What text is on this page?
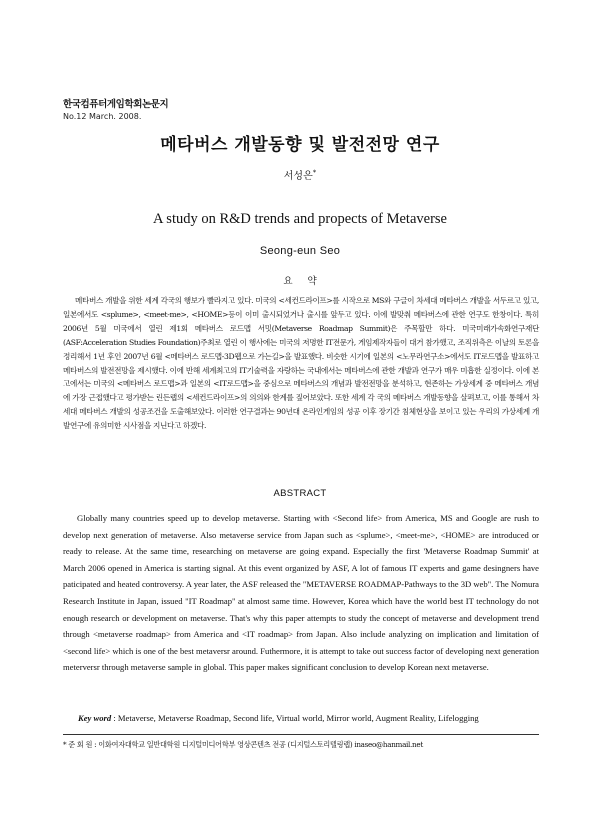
한국컴퓨터게임학회논문지
No.12 March. 2008.
메타버스 개발동향 및 발전전망 연구
서성은*
A study on R&D trends and propects of Metaverse
Seong-eun Seo
요 약

메타버스 개발을 위한 세계 각국의 행보가 빨라지고 있다. 미국의 <세컨드라이프>를 시작으로 MS와 구글이 차세대 메타버스 개발을 서두르고 있고, 일본에서도 <splume>, <meet-me>, <HOME>등이 이미 출시되었거나 출시를 앞두고 있다. 이에 발맞춰 메타버스에 관한 연구도 한창이다. 특히 2006년 5월 미국에서 열린 제1회 메타버스 로드맵 서밋(Metaverse Roadmap Summit)은 주목할만 하다. 미국미래가속화연구재단(ASF:Acceleration Studies Foundation)주최로 열린 이 행사에는 미국의 저명한 IT전문가, 게임제작자들이 대거 참가했고, 조직위측은 이날의 토론을 정리해서 1년 후인 2007년 6월 <메타버스 로드맵-3D웹으로 가는길>을 발표했다. 비슷한 시기에 일본의 <노무라연구소>에서도 IT로드맵을 발표하고 메타버스의 발전전망을 제시했다. 이에 반해 세계최고의 IT기술력을 자랑하는 국내에서는 메타버스에 관한 개발과 연구가 매우 미흡한 실정이다. 이에 본 고에서는 미국의 <메타버스 로드맵>과 일본의 <IT로드맵>을 중심으로 메타버스의 개념과 발전전망을 분석하고, 현존하는 가상세계 중 메타버스 개념에 가장 근접했다고 평가받는 린든랩의 <세컨드라이프>의 의의와 한계를 짚어보았다. 또한 세계 각 국의 메타버스 개발동향을 살펴보고, 이를 통해서 차세대 메타버스 개발의 성공조건을 도출해보았다. 이러한 연구결과는 90년대 온라인게임의 성공 이후 장기간 침체현상을 보이고 있는 우리의 가상세계 개발연구에 유의미한 시사점을 지닌다고 하겠다.

ABSTRACT

Globally many countries speed up to develop metaverse. Starting with <Second life> from America, MS and Google are rush to develop next generation of metaverse. Also metaverse service from Japan such as <splume>, <meet-me>, <HOME> are introduced or ready to release. At the same time, researching on metaverse are going expand. Especially the first 'Metaverse Roadmap Summit' at March 2006 opened in America is starting signal. At this event organized by ASF, A lot of famous IT experts and game desingners have paticipated and heated controversy. A year later, the ASF released the "METAVERSE ROADMAP-Pathways to the 3D web". The Nomura Research Institute in Japan, issued "IT Roadmap" at almost same time. However, Korea which have the world best IT technology do not enough research or development on metaverse. That's why this paper attempts to study the concept of metaverse and development trend through <metaverse roadmap> from America and <IT roadmap> from Japan. Also include analyzing on implication and limitation of <second life> which is one of the best metaversr around. Futhermore, it is attempt to take out success factor of developing next generation meterversr through metaverse sample in global. This paper makes significant conclusion to develop Korean next metaverse.

Key word : Metaverse, Metaverse Roadmap, Second life, Virtual world, Mirror world, Augment Reality, Lifelogging
* 준 회 원 : 이화여자대학교 일반대학원 디지털미디어학부 영상콘텐츠 전공 (디지털스토리텔링랩) inaseo@hanmail.net
